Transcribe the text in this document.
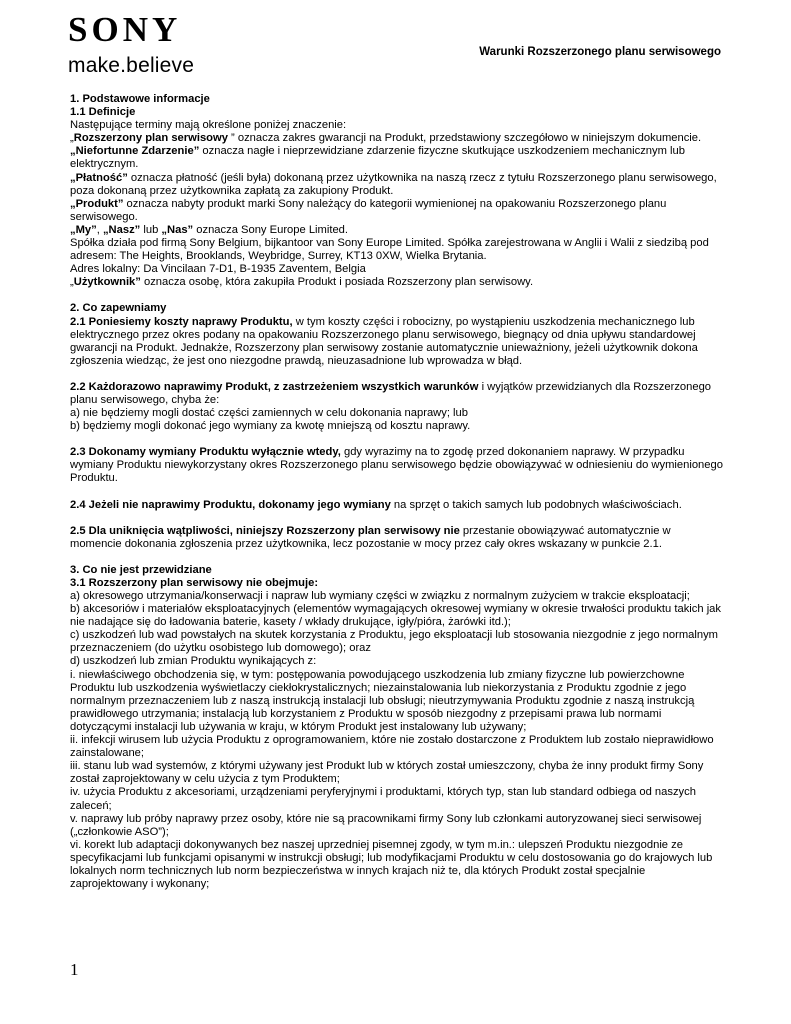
SONY
make.believe
Warunki Rozszerzonego planu serwisowego

1. Podstawowe informacje

1.1 Definicje

Następujące terminy mają określone poniżej znaczenie:

„Rozszerzony plan serwisowy ” oznacza zakres gwarancji na Produkt, przedstawiony szczegółowo w niniejszym dokumencie.

„Niefortunne Zdarzenie” oznacza nagłe i nieprzewidziane zdarzenie fizyczne skutkujące uszkodzeniem mechanicznym lub elektrycznym.

„Płatność” oznacza płatność (jeśli była) dokonaną przez użytkownika na naszą rzecz z tytułu Rozszerzonego planu serwisowego, poza dokonaną przez użytkownika zapłatą za zakupiony Produkt.

„Produkt” oznacza nabyty produkt marki Sony należący do kategorii wymienionej na opakowaniu Rozszerzonego planu serwisowego.

„My”, „Nasz” lub „Nas” oznacza Sony Europe Limited.

Spółka działa pod firmą Sony Belgium, bijkantoor van Sony Europe Limited. Spółka zarejestrowana w Anglii i Walii z siedzibą pod adresem: The Heights, Brooklands, Weybridge, Surrey, KT13 0XW, Wielka Brytania.

Adres lokalny: Da Vincilaan 7-D1, B-1935 Zaventem, Belgia

„Użytkownik” oznacza osobę, która zakupiła Produkt i posiada Rozszerzony plan serwisowy.

2. Co zapewniamy

2.1 Poniesiemy koszty naprawy Produktu, w tym koszty części i robocizny, po wystąpieniu uszkodzenia mechanicznego lub elektrycznego przez okres podany na opakowaniu Rozszerzonego planu serwisowego, biegnący od dnia upływu standardowej gwarancji na Produkt. Jednakże, Rozszerzony plan serwisowy zostanie automatycznie unieważniony, jeżeli użytkownik dokona zgłoszenia wiedząc, że jest ono niezgodne prawdą, nieuzasadnione lub wprowadza w błąd.

2.2 Każdorazowo naprawimy Produkt, z zastrzeżeniem wszystkich warunków i wyjątków przewidzianych dla Rozszerzonego planu serwisowego, chyba że:

a) nie będziemy mogli dostać części zamiennych w celu dokonania naprawy; lub

b) będziemy mogli dokonać jego wymiany za kwotę mniejszą od kosztu naprawy.

2.3 Dokonamy wymiany Produktu wyłącznie wtedy, gdy wyrazimy na to zgodę przed dokonaniem naprawy. W przypadku wymiany Produktu niewykorzystany okres Rozszerzonego planu serwisowego będzie obowiązywać w odniesieniu do wymienionego Produktu.

2.4 Jeżeli nie naprawimy Produktu, dokonamy jego wymiany na sprzęt o takich samych lub podobnych właściwościach.

2.5 Dla uniknięcia wątpliwości, niniejszy Rozszerzony plan serwisowy nie przestanie obowiązywać automatycznie w momencie dokonania zgłoszenia przez użytkownika, lecz pozostanie w mocy przez cały okres wskazany w punkcie 2.1.

3. Co nie jest przewidziane

3.1 Rozszerzony plan serwisowy nie obejmuje:

a) okresowego utrzymania/konserwacji i napraw lub wymiany części w związku z normalnym zużyciem w trakcie eksploatacji;

b) akcesoriów i materiałów eksploatacyjnych (elementów wymagających okresowej wymiany w okresie trwałości produktu takich jak nie nadające się do ładowania baterie, kasety / wkłady drukujące, igły/pióra, żarówki itd.);

c) uszkodzeń lub wad powstałych na skutek korzystania z Produktu, jego eksploatacji lub stosowania niezgodnie z jego normalnym przeznaczeniem (do użytku osobistego lub domowego); oraz

d) uszkodzeń lub zmian Produktu wynikających z:

i. niewłaściwego obchodzenia się, w tym: postępowania powodującego uszkodzenia lub zmiany fizyczne lub powierzchowne Produktu lub uszkodzenia wyświetlaczy ciekłokrystalicznych; niezainstalowania lub niekorzystania z Produktu zgodnie z jego normalnym przeznaczeniem lub z naszą instrukcją instalacji lub obsługi; nieutrzymywania Produktu zgodnie z naszą instrukcją prawidłowego utrzymania; instalacją lub korzystaniem z Produktu w sposób niezgodny z przepisami prawa lub normami dotyczącymi instalacji lub używania w kraju, w którym Produkt jest instalowany lub używany;

ii. infekcji wirusem lub użycia Produktu z oprogramowaniem, które nie zostało dostarczone z Produktem lub zostało nieprawidłowo zainstalowane;

iii. stanu lub wad systemów, z którymi używany jest Produkt lub w których został umieszczony, chyba że inny produkt firmy Sony został zaprojektowany w celu użycia z tym Produktem;

iv. użycia Produktu z akcesoriami, urządzeniami peryferyjnymi i produktami, których typ, stan lub standard odbiega od naszych zaleceń;

v. naprawy lub próby naprawy przez osoby, które nie są pracownikami firmy Sony lub członkami autoryzowanej sieci serwisowej („członkowie ASO”);

vi. korekt lub adaptacji dokonywanych bez naszej uprzedniej pisemnej zgody, w tym m.in.: ulepszeń Produktu niezgodnie ze specyfikacjami lub funkcjami opisanymi w instrukcji obsługi; lub modyfikacjami Produktu w celu dostosowania go do krajowych lub lokalnych norm technicznych lub norm bezpieczeństwa w innych krajach niż te, dla których Produkt został specjalnie zaprojektowany i wykonany;

1
